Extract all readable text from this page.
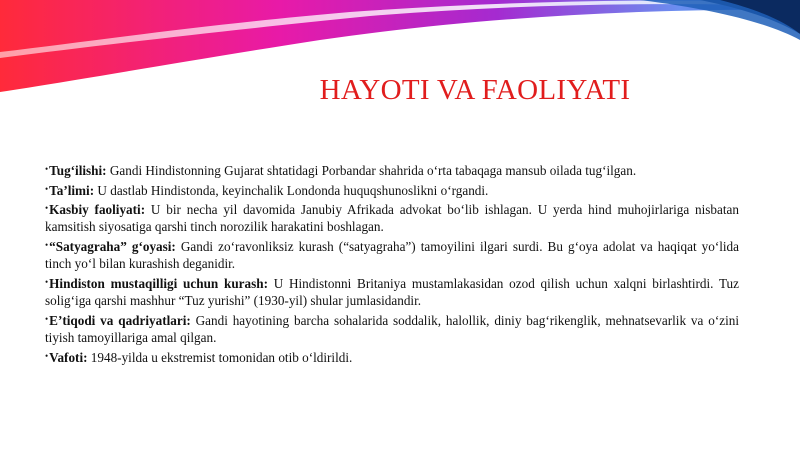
HAYOTI VA FAOLIYATI

•Tug‘ilishi: Gandi Hindistonning Gujarat shtatidagi Porbandar shahrida o‘rta tabaqaga mansub oilada tug‘ilgan.

•Ta’limi: U dastlab Hindistonda, keyinchalik Londonda huquqshunoslikni o‘rgandi.

•Kasbiy faoliyati: U bir necha yil davomida Janubiy Afrikada advokat bo‘lib ishlagan. U yerda hind muhojirlariga nisbatan kamsitish siyosatiga qarshi tinch norozilik harakatini boshlagan.

•“Satyagraha” g‘oyasi: Gandi zo‘ravonliksiz kurash (“satyagraha”) tamoyilini ilgari surdi. Bu g‘oya adolat va haqiqat yo‘lida tinch yo‘l bilan kurashish deganidir.

•Hindiston mustaqilligi uchun kurash: U Hindistonni Britaniya mustamlakasidan ozod qilish uchun xalqni birlashtirdi. Tuz solig‘iga qarshi mashhur “Tuz yurishi” (1930-yil) shular jumlasidandir.

•E’tiqodi va qadriyatlari: Gandi hayotining barcha sohalarida soddalik, halollik, diniy bag‘rikenglik, mehnatsevarlik va o‘zini tiyish tamoyillariga amal qilgan.

•Vafoti: 1948-yilda u ekstremist tomonidan otib o‘ldirildi.
